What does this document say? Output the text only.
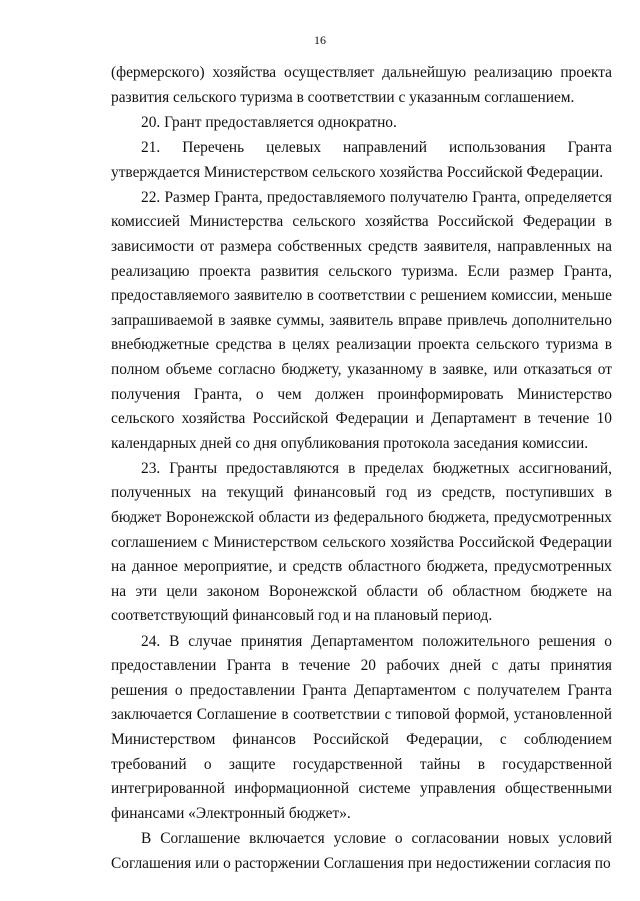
16

(фермерского) хозяйства осуществляет дальнейшую реализацию проекта развития сельского туризма в соответствии с указанным соглашением.

20. Грант предоставляется однократно.

21. Перечень целевых направлений использования Гранта утверждается Министерством сельского хозяйства Российской Федерации.

22. Размер Гранта, предоставляемого получателю Гранта, определяется комиссией Министерства сельского хозяйства Российской Федерации в зависимости от размера собственных средств заявителя, направленных на реализацию проекта развития сельского туризма. Если размер Гранта, предоставляемого заявителю в соответствии с решением комиссии, меньше запрашиваемой в заявке суммы, заявитель вправе привлечь дополнительно внебюджетные средства в целях реализации проекта сельского туризма в полном объеме согласно бюджету, указанному в заявке, или отказаться от получения Гранта, о чем должен проинформировать Министерство сельского хозяйства Российской Федерации и Департамент в течение 10 календарных дней со дня опубликования протокола заседания комиссии.

23. Гранты предоставляются в пределах бюджетных ассигнований, полученных на текущий финансовый год из средств, поступивших в бюджет Воронежской области из федерального бюджета, предусмотренных соглашением с Министерством сельского хозяйства Российской Федерации на данное мероприятие, и средств областного бюджета, предусмотренных на эти цели законом Воронежской области об областном бюджете на соответствующий финансовый год и на плановый период.

24. В случае принятия Департаментом положительного решения о предоставлении Гранта в течение 20 рабочих дней с даты принятия решения о предоставлении Гранта Департаментом с получателем Гранта заключается Соглашение в соответствии с типовой формой, установленной Министерством финансов Российской Федерации, с соблюдением требований о защите государственной тайны в государственной интегрированной информационной системе управления общественными финансами «Электронный бюджет».

В Соглашение включается условие о согласовании новых условий Соглашения или о расторжении Соглашения при недостижении согласия по
